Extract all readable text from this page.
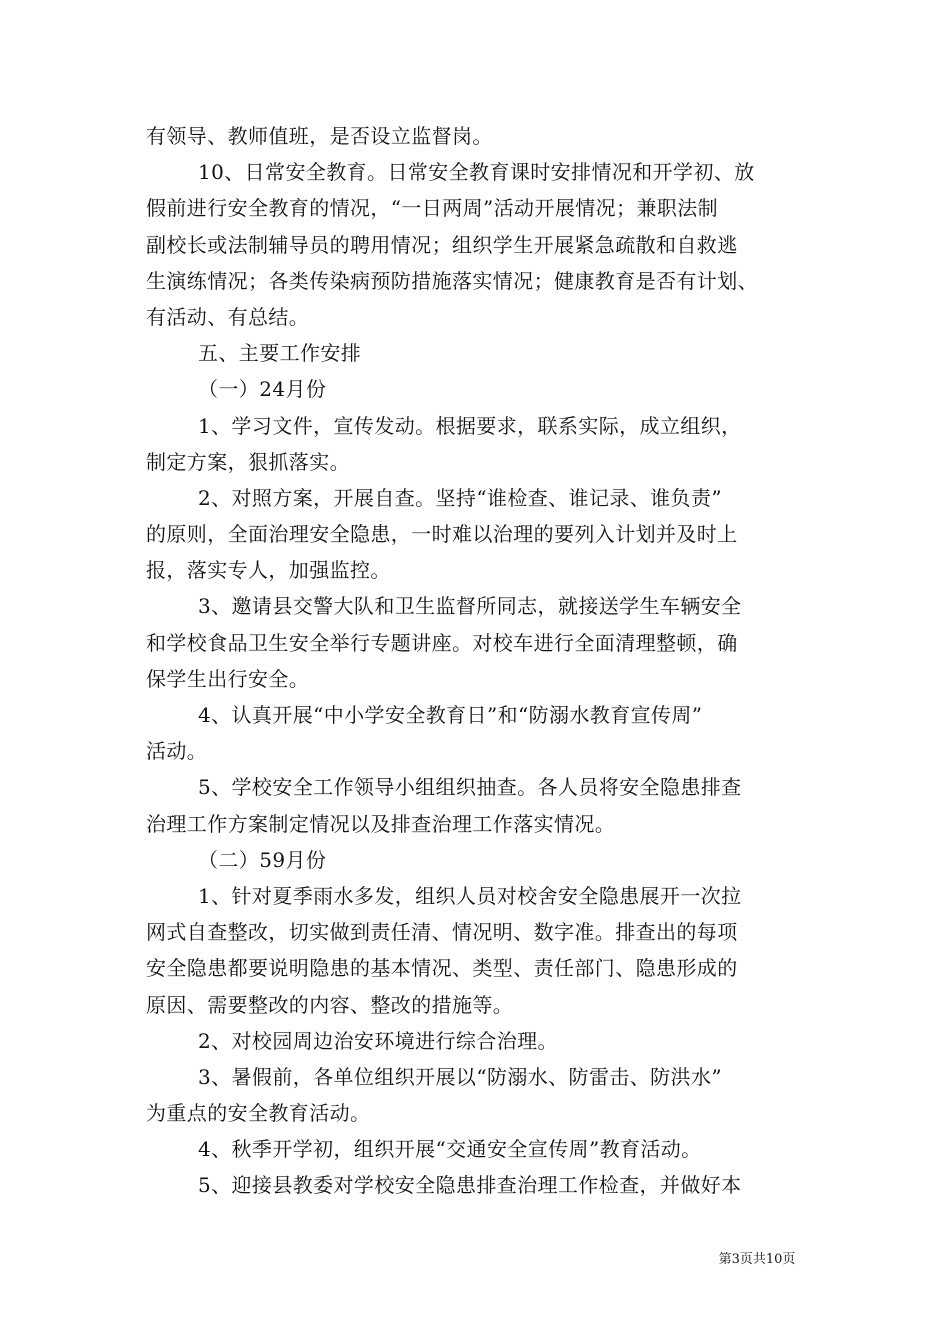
有领导、教师值班，是否设立监督岗。
10、日常安全教育。日常安全教育课时安排情况和开学初、放
假前进行安全教育的情况，“一日两周”活动开展情况；兼职法制
副校长或法制辅导员的聘用情况；组织学生开展紧急疏散和自救逃
生演练情况；各类传染病预防措施落实情况；健康教育是否有计划、
有活动、有总结。
五、主要工作安排
（一）24月份
1、学习文件，宣传发动。根据要求，联系实际，成立组织，
制定方案，狠抓落实。
2、对照方案，开展自查。坚持“谁检查、谁记录、谁负责”
的原则，全面治理安全隐患，一时难以治理的要列入计划并及时上
报，落实专人，加强监控。
3、邀请县交警大队和卫生监督所同志，就接送学生车辆安全
和学校食品卫生安全举行专题讲座。对校车进行全面清理整顿，确
保学生出行安全。
4、认真开展“中小学安全教育日”和“防溺水教育宣传周”
活动。
5、学校安全工作领导小组组织抽查。各人员将安全隐患排查
治理工作方案制定情况以及排查治理工作落实情况。
（二）59月份
1、针对夏季雨水多发，组织人员对校舍安全隐患展开一次拉
网式自查整改，切实做到责任清、情况明、数字准。排查出的每项
安全隐患都要说明隐患的基本情况、类型、责任部门、隐患形成的
原因、需要整改的内容、整改的措施等。
2、对校园周边治安环境进行综合治理。
3、暑假前，各单位组织开展以“防溺水、防雷击、防洪水”
为重点的安全教育活动。
4、秋季开学初，组织开展“交通安全宣传周”教育活动。
5、迎接县教委对学校安全隐患排查治理工作检查，并做好本
第3页共10页
